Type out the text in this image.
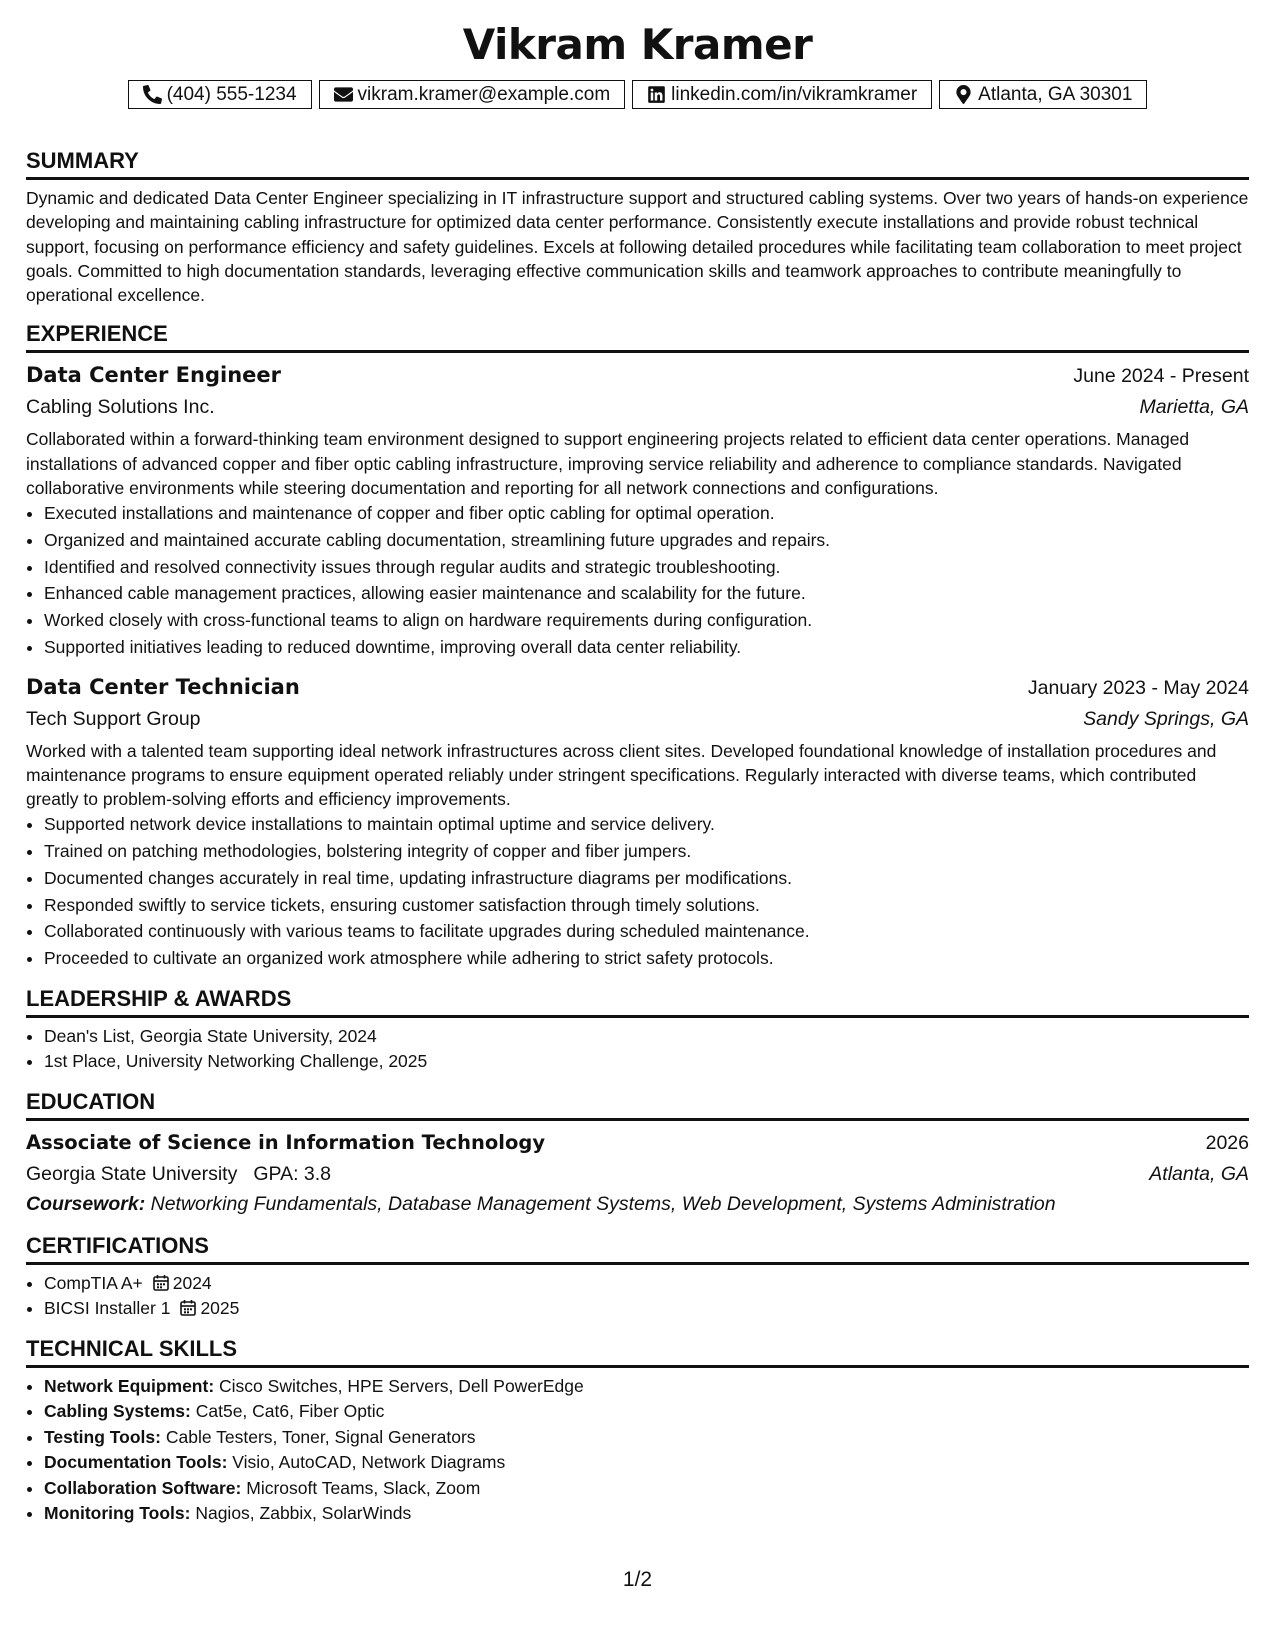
Vikram Kramer
(404) 555-1234	vikram.kramer@example.com	linkedin.com/in/vikramkramer	Atlanta, GA 30301
SUMMARY
Dynamic and dedicated Data Center Engineer specializing in IT infrastructure support and structured cabling systems. Over two years of hands-on experience developing and maintaining cabling infrastructure for optimized data center performance. Consistently execute installations and provide robust technical support, focusing on performance efficiency and safety guidelines. Excels at following detailed procedures while facilitating team collaboration to meet project goals. Committed to high documentation standards, leveraging effective communication skills and teamwork approaches to contribute meaningfully to operational excellence.
EXPERIENCE
Data Center Engineer	June 2024 - Present
Cabling Solutions Inc.	Marietta, GA
Collaborated within a forward-thinking team environment designed to support engineering projects related to efficient data center operations. Managed installations of advanced copper and fiber optic cabling infrastructure, improving service reliability and adherence to compliance standards. Navigated collaborative environments while steering documentation and reporting for all network connections and configurations.
• Executed installations and maintenance of copper and fiber optic cabling for optimal operation.
• Organized and maintained accurate cabling documentation, streamlining future upgrades and repairs.
• Identified and resolved connectivity issues through regular audits and strategic troubleshooting.
• Enhanced cable management practices, allowing easier maintenance and scalability for the future.
• Worked closely with cross-functional teams to align on hardware requirements during configuration.
• Supported initiatives leading to reduced downtime, improving overall data center reliability.
Data Center Technician	January 2023 - May 2024
Tech Support Group	Sandy Springs, GA
Worked with a talented team supporting ideal network infrastructures across client sites. Developed foundational knowledge of installation procedures and maintenance programs to ensure equipment operated reliably under stringent specifications. Regularly interacted with diverse teams, which contributed greatly to problem-solving efforts and efficiency improvements.
• Supported network device installations to maintain optimal uptime and service delivery.
• Trained on patching methodologies, bolstering integrity of copper and fiber jumpers.
• Documented changes accurately in real time, updating infrastructure diagrams per modifications.
• Responded swiftly to service tickets, ensuring customer satisfaction through timely solutions.
• Collaborated continuously with various teams to facilitate upgrades during scheduled maintenance.
• Proceeded to cultivate an organized work atmosphere while adhering to strict safety protocols.
LEADERSHIP & AWARDS
• Dean's List, Georgia State University, 2024
• 1st Place, University Networking Challenge, 2025
EDUCATION
Associate of Science in Information Technology	2026
Georgia State University GPA: 3.8	Atlanta, GA
Coursework: Networking Fundamentals, Database Management Systems, Web Development, Systems Administration
CERTIFICATIONS
• CompTIA A+ 2024
• BICSI Installer 1 2025
TECHNICAL SKILLS
• Network Equipment: Cisco Switches, HPE Servers, Dell PowerEdge
• Cabling Systems: Cat5e, Cat6, Fiber Optic
• Testing Tools: Cable Testers, Toner, Signal Generators
• Documentation Tools: Visio, AutoCAD, Network Diagrams
• Collaboration Software: Microsoft Teams, Slack, Zoom
• Monitoring Tools: Nagios, Zabbix, SolarWinds
1/2
